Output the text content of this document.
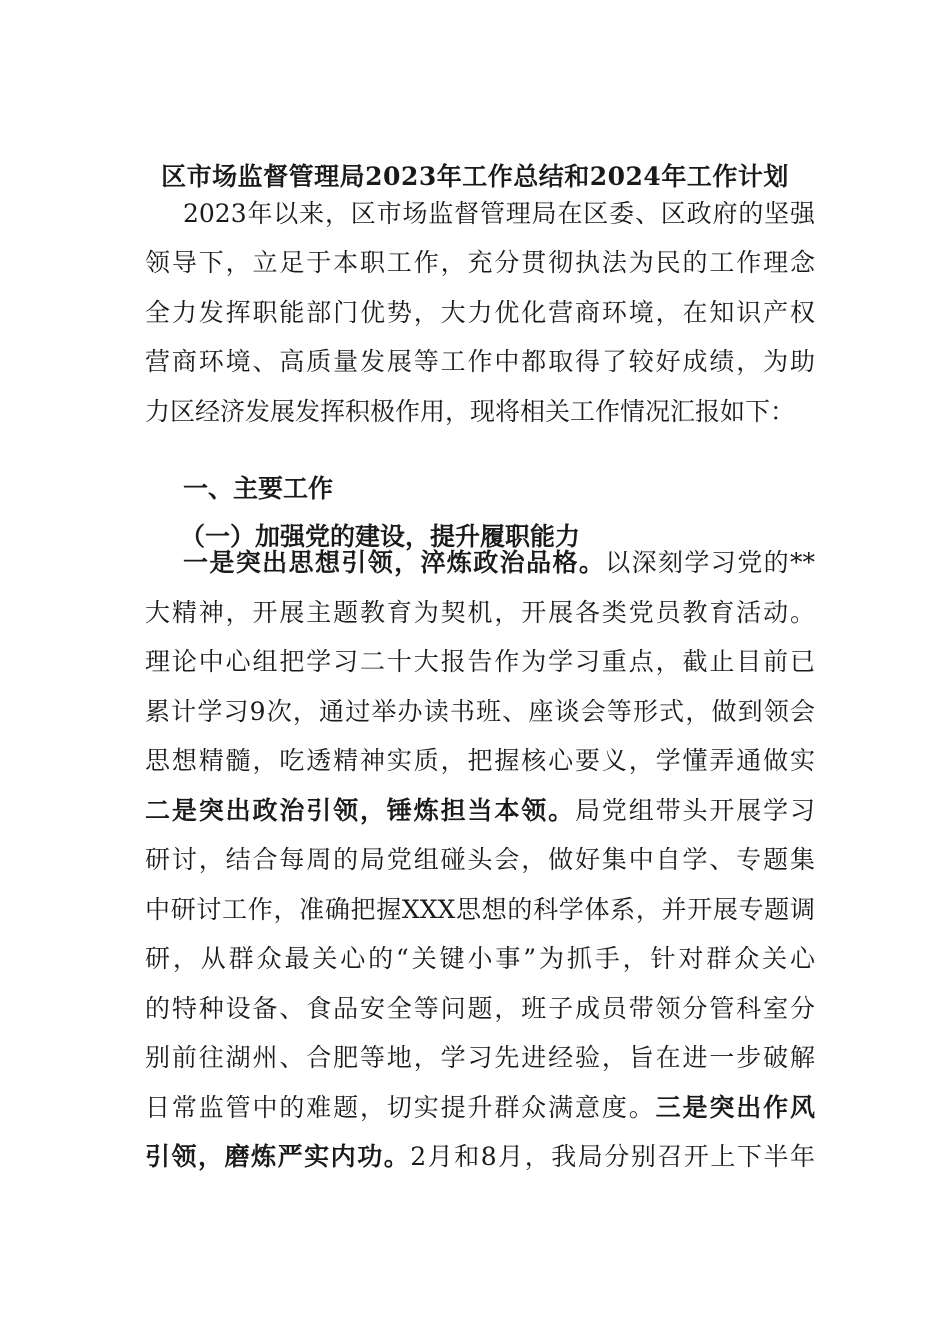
区市场监督管理局2023年工作总结和2024年工作计划
2023年以来，区市场监督管理局在区委、区政府的坚强
领导下，立足于本职工作，充分贯彻执法为民的工作理念
全力发挥职能部门优势，大力优化营商环境，在知识产权
营商环境、高质量发展等工作中都取得了较好成绩，为助
力区经济发展发挥积极作用，现将相关工作情况汇报如下：
一、主要工作
（一）加强党的建设，提升履职能力
一是突出思想引领，淬炼政治品格。以深刻学习党的**
大精神，开展主题教育为契机，开展各类党员教育活动。
理论中心组把学习二十大报告作为学习重点，截止目前已
累计学习9次，通过举办读书班、座谈会等形式，做到领会
思想精髓，吃透精神实质，把握核心要义，学懂弄通做实
二是突出政治引领，锤炼担当本领。局党组带头开展学习
研讨，结合每周的局党组碰头会，做好集中自学、专题集
中研讨工作，准确把握XXX思想的科学体系，并开展专题调
研，从群众最关心的“关键小事”为抓手，针对群众关心
的特种设备、食品安全等问题，班子成员带领分管科室分
别前往湖州、合肥等地，学习先进经验，旨在进一步破解
日常监管中的难题，切实提升群众满意度。三是突出作风
引领，磨炼严实内功。2月和8月，我局分别召开上下半年
